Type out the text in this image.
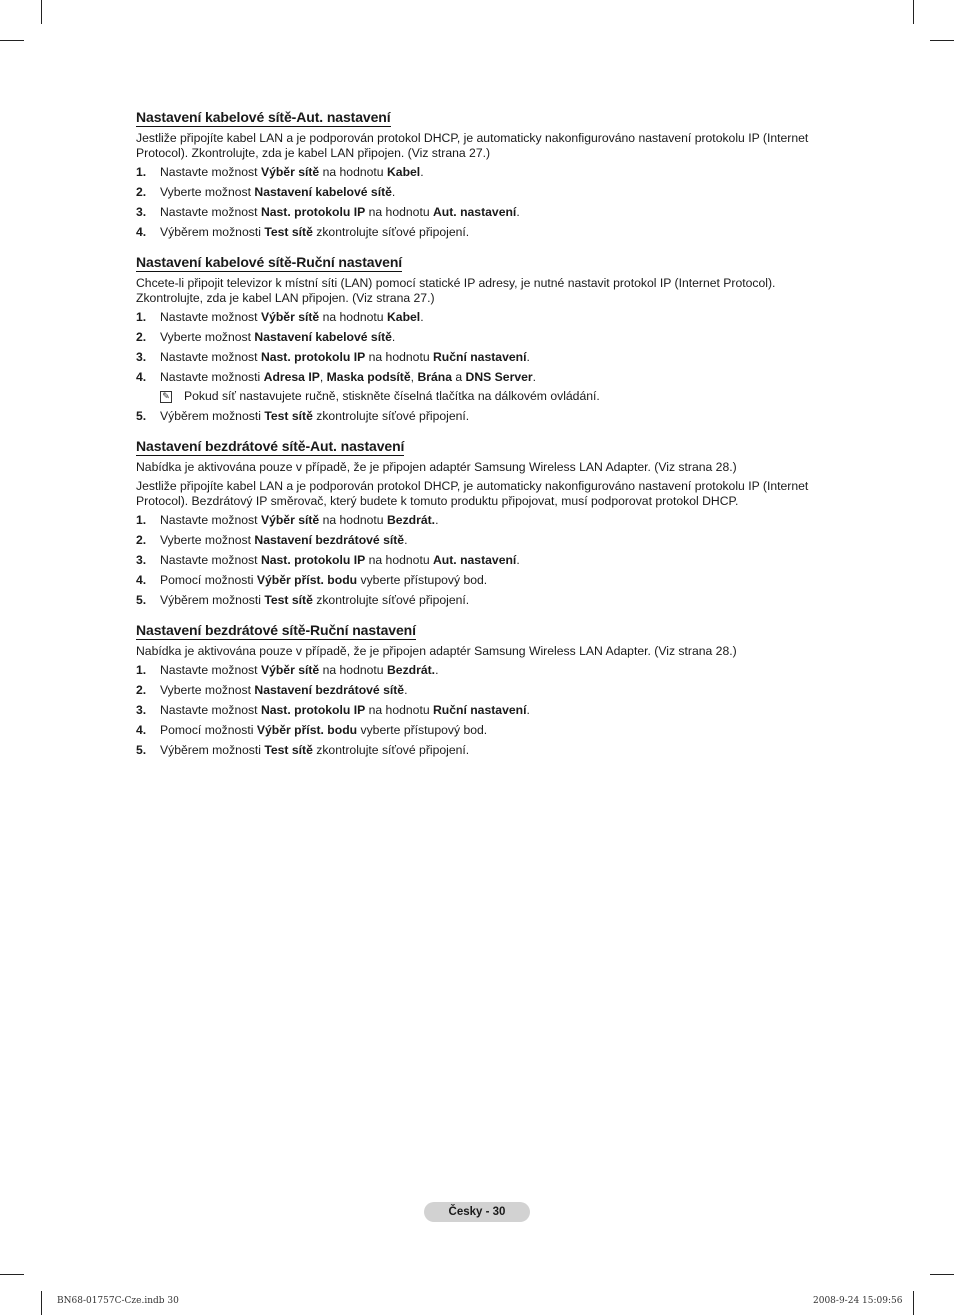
Nastavení kabelové sítě-Aut. nastavení

Jestliže připojíte kabel LAN a je podporován protokol DHCP, je automaticky nakonfigurováno nastavení protokolu IP (Internet Protocol). Zkontrolujte, zda je kabel LAN připojen. (Viz strana 27.)

1.	Nastavte možnost Výběr sítě na hodnotu Kabel.
2.	Vyberte možnost Nastavení kabelové sítě.
3.	Nastavte možnost Nast. protokolu IP na hodnotu Aut. nastavení.
4.	Výběrem možnosti Test sítě zkontrolujte síťové připojení.
Nastavení kabelové sítě-Ruční nastavení

Chcete-li připojit televizor k místní síti (LAN) pomocí statické IP adresy, je nutné nastavit protokol IP (Internet Protocol). Zkontrolujte, zda je kabel LAN připojen. (Viz strana 27.)

1.	Nastavte možnost Výběr sítě na hodnotu Kabel.
2.	Vyberte možnost Nastavení kabelové sítě.
3.	Nastavte možnost Nast. protokolu IP na hodnotu Ruční nastavení.
4.	Nastavte možnosti Adresa IP, Maska podsítě, Brána a DNS Server.
✎ Pokud síť nastavujete ručně, stiskněte číselná tlačítka na dálkovém ovládání.
5.	Výběrem možnosti Test sítě zkontrolujte síťové připojení.
Nastavení bezdrátové sítě-Aut. nastavení

Nabídka je aktivována pouze v případě, že je připojen adaptér Samsung Wireless LAN Adapter. (Viz strana 28.)

Jestliže připojíte kabel LAN a je podporován protokol DHCP, je automaticky nakonfigurováno nastavení protokolu IP (Internet Protocol). Bezdrátový IP směrovač, který budete k tomuto produktu připojovat, musí podporovat protokol DHCP.

1.	Nastavte možnost Výběr sítě na hodnotu Bezdrát..
2.	Vyberte možnost Nastavení bezdrátové sítě.
3.	Nastavte možnost Nast. protokolu IP na hodnotu Aut. nastavení.
4.	Pomocí možnosti Výběr příst. bodu vyberte přístupový bod.
5.	Výběrem možnosti Test sítě zkontrolujte síťové připojení.
Nastavení bezdrátové sítě-Ruční nastavení

Nabídka je aktivována pouze v případě, že je připojen adaptér Samsung Wireless LAN Adapter. (Viz strana 28.)

1.	Nastavte možnost Výběr sítě na hodnotu Bezdrát..
2.	Vyberte možnost Nastavení bezdrátové sítě.
3.	Nastavte možnost Nast. protokolu IP na hodnotu Ruční nastavení.
4.	Pomocí možnosti Výběr příst. bodu vyberte přístupový bod.
5.	Výběrem možnosti Test sítě zkontrolujte síťové připojení.
Česky - 30
BN68-01757C-Cze.indb 30	2008-9-24 15:09:56
